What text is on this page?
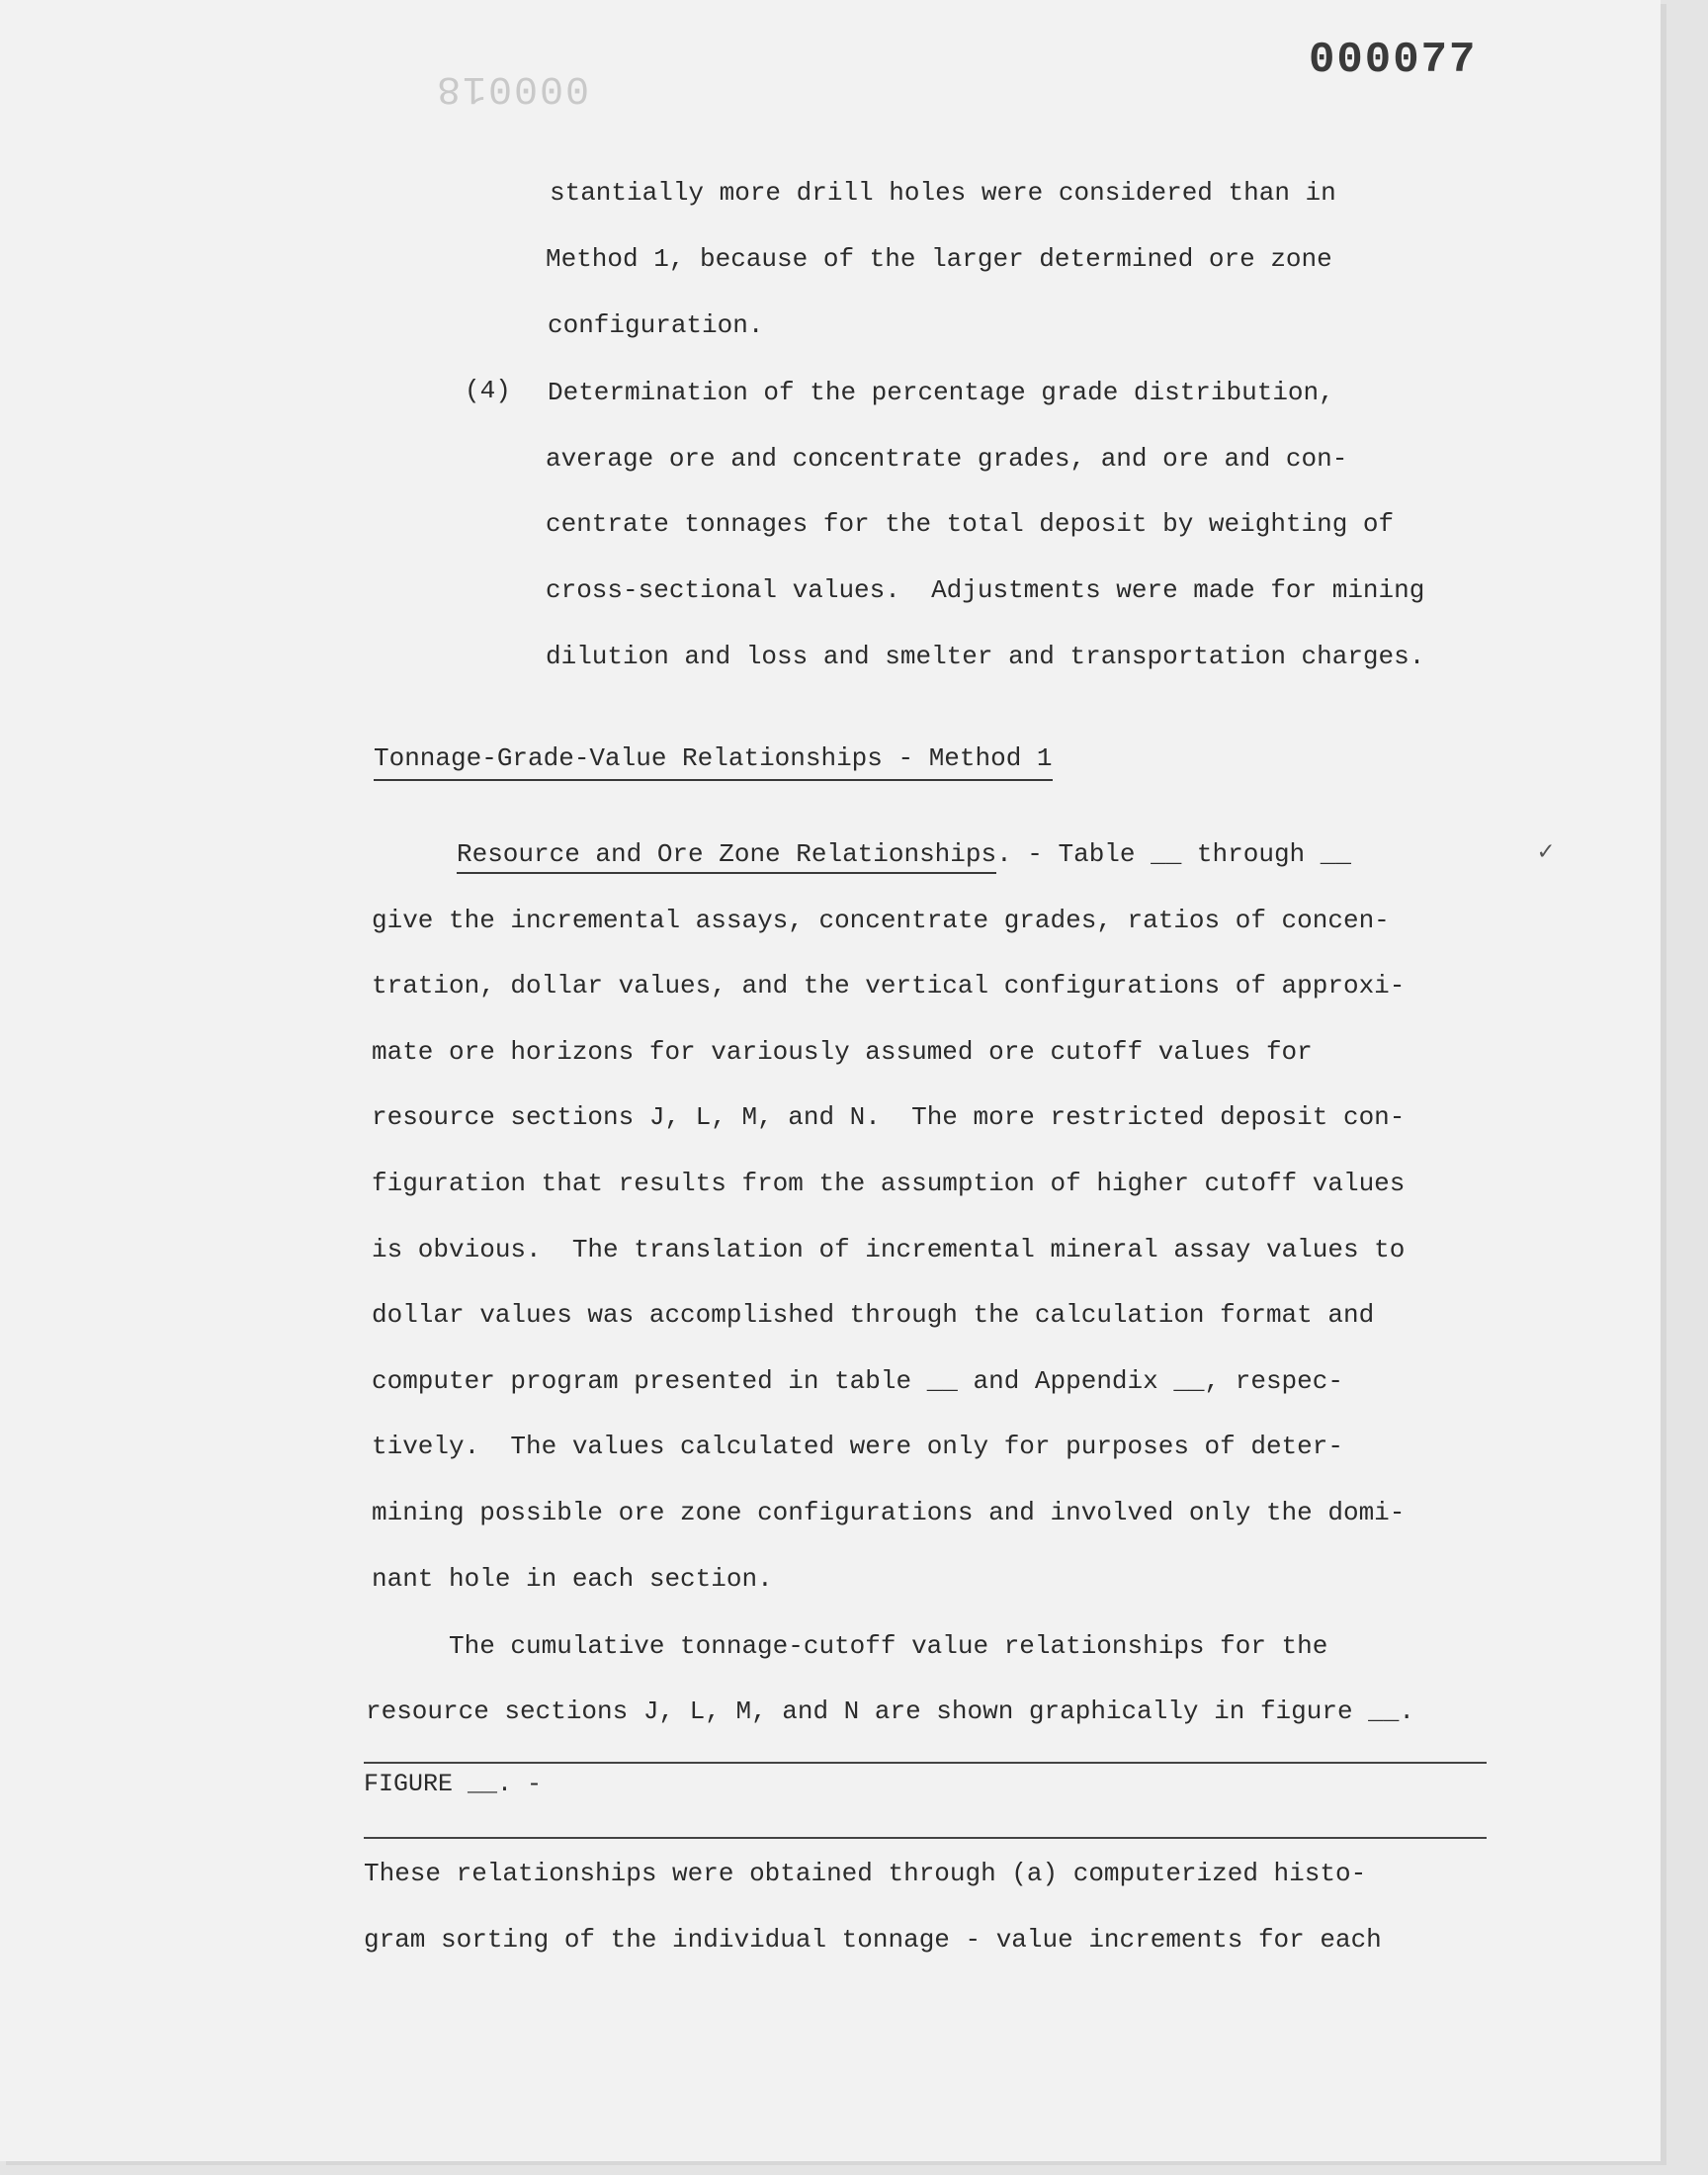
000077
000018
stantially more drill holes were considered than in
Method 1, because of the larger determined ore zone
configuration.
(4) Determination of the percentage grade distribution,
average ore and concentrate grades, and ore and con-
centrate tonnages for the total deposit by weighting of
cross-sectional values.  Adjustments were made for mining
dilution and loss and smelter and transportation charges.
Tonnage-Grade-Value Relationships - Method 1
Resource and Ore Zone Relationships. - Table __ through __
give the incremental assays, concentrate grades, ratios of concen-
tration, dollar values, and the vertical configurations of approxi-
mate ore horizons for variously assumed ore cutoff values for
resource sections J, L, M, and N.  The more restricted deposit con-
figuration that results from the assumption of higher cutoff values
is obvious.  The translation of incremental mineral assay values to
dollar values was accomplished through the calculation format and
computer program presented in table __ and Appendix __, respec-
tively.  The values calculated were only for purposes of deter-
mining possible ore zone configurations and involved only the domi-
nant hole in each section.
The cumulative tonnage-cutoff value relationships for the
resource sections J, L, M, and N are shown graphically in figure __.
FIGURE __. -
These relationships were obtained through (a) computerized histo-
gram sorting of the individual tonnage - value increments for each
✓
